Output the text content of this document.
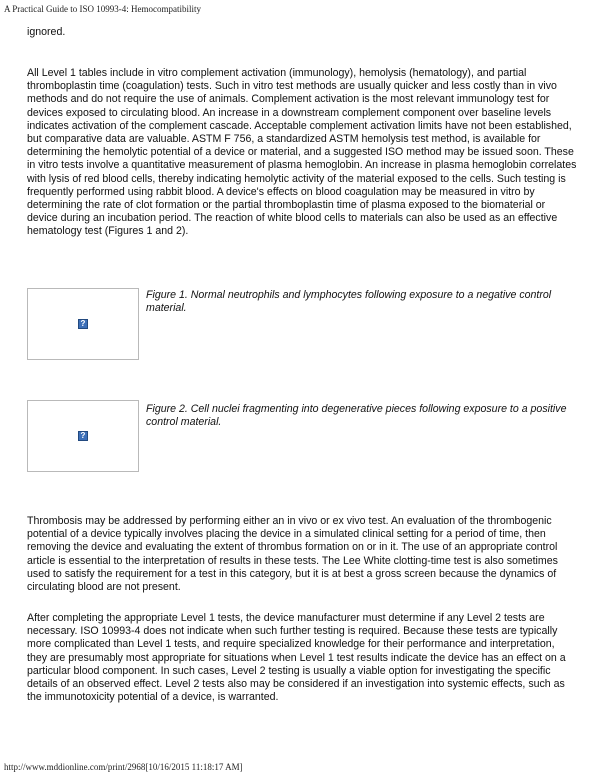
A Practical Guide to ISO 10993-4: Hemocompatibility

ignored.

All Level 1 tables include in vitro complement activation (immunology), hemolysis (hematology), and partial thromboplastin time (coagulation) tests. Such in vitro test methods are usually quicker and less costly than in vivo methods and do not require the use of animals. Complement activation is the most relevant immunology test for devices exposed to circulating blood. An increase in a downstream complement component over baseline levels indicates activation of the complement cascade. Acceptable complement activation limits have not been established, but comparative data are valuable. ASTM F 756, a standardized ASTM hemolysis test method, is available for determining the hemolytic potential of a device or material, and a suggested ISO method may be issued soon. These in vitro tests involve a quantitative measurement of plasma hemoglobin. An increase in plasma hemoglobin correlates with lysis of red blood cells, thereby indicating hemolytic activity of the material exposed to the cells. Such testing is frequently performed using rabbit blood. A device's effects on blood coagulation may be measured in vitro by determining the rate of clot formation or the partial thromboplastin time of plasma exposed to the biomaterial or device during an incubation period. The reaction of white blood cells to materials can also be used as an effective hematology test (Figures 1 and 2).

?

Figure 1. Normal neutrophils and lymphocytes following exposure to a negative control material.

?

Figure 2. Cell nuclei fragmenting into degenerative pieces following exposure to a positive control material.

Thrombosis may be addressed by performing either an in vivo or ex vivo test. An evaluation of the thrombogenic potential of a device typically involves placing the device in a simulated clinical setting for a period of time, then removing the device and evaluating the extent of thrombus formation on or in it. The use of an appropriate control article is essential to the interpretation of results in these tests. The Lee White clotting-time test is also sometimes used to satisfy the requirement for a test in this category, but it is at best a gross screen because the dynamics of circulating blood are not present.

After completing the appropriate Level 1 tests, the device manufacturer must determine if any Level 2 tests are necessary. ISO 10993-4 does not indicate when such further testing is required. Because these tests are typically more complicated than Level 1 tests, and require specialized knowledge for their performance and interpretation, they are presumably most appropriate for situations when Level 1 test results indicate the device has an effect on a particular blood component. In such cases, Level 2 testing is usually a viable option for investigating the specific details of an observed effect. Level 2 tests also may be considered if an investigation into systemic effects, such as the immunotoxicity potential of a device, is warranted.

http://www.mddionline.com/print/2968[10/16/2015 11:18:17 AM]
